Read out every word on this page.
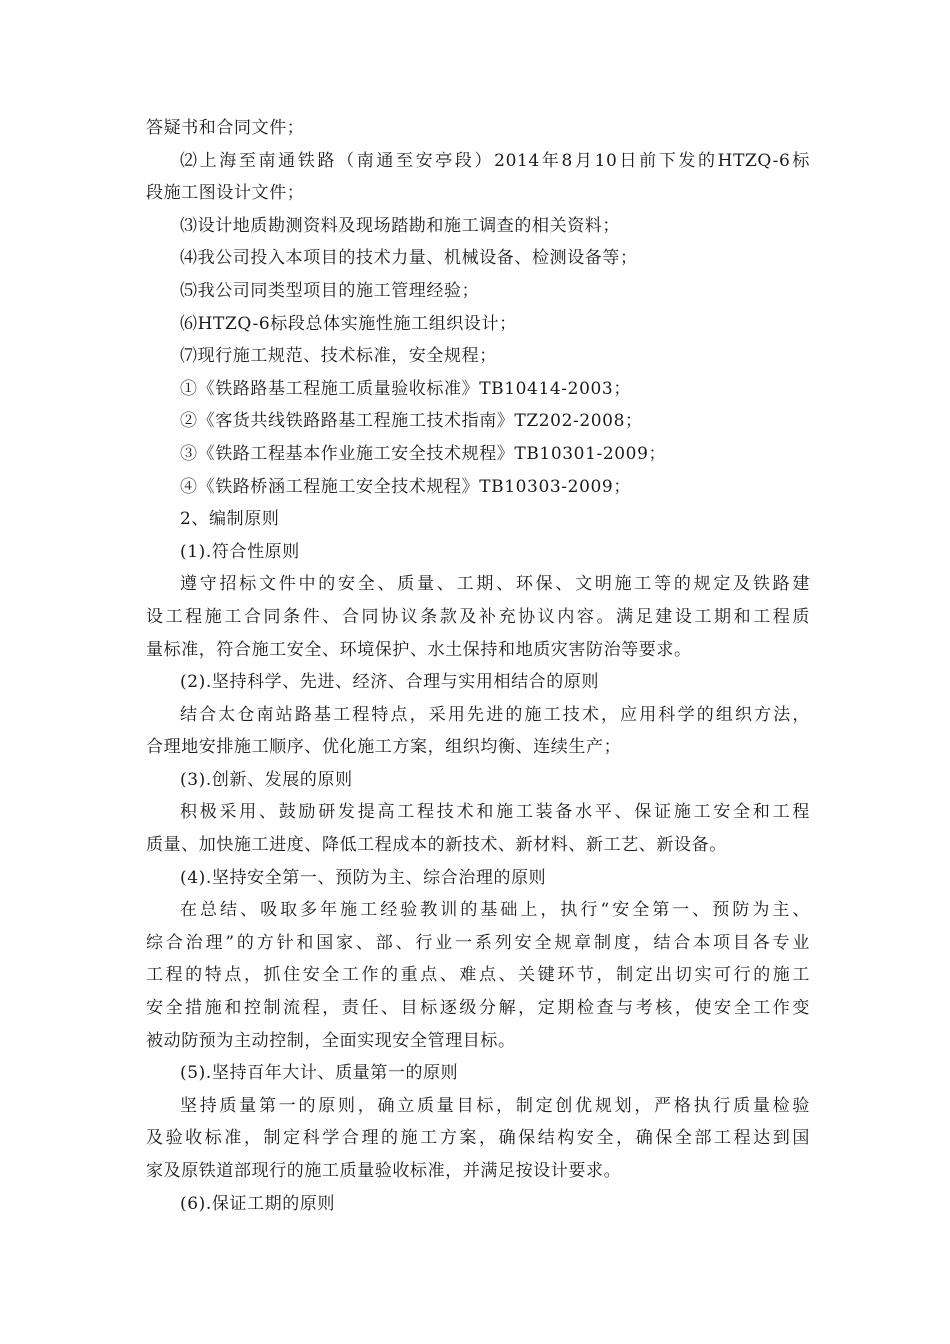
答疑书和合同文件；
⑵上海至南通铁路（南通至安亭段）2014年8月10日前下发的HTZQ-6标
段施工图设计文件；
⑶设计地质勘测资料及现场踏勘和施工调查的相关资料；
⑷我公司投入本项目的技术力量、机械设备、检测设备等；
⑸我公司同类型项目的施工管理经验；
⑹HTZQ-6标段总体实施性施工组织设计；
⑺现行施工规范、技术标准，安全规程；
①《铁路路基工程施工质量验收标准》TB10414-2003；
②《客货共线铁路路基工程施工技术指南》TZ202-2008；
③《铁路工程基本作业施工安全技术规程》TB10301-2009；
④《铁路桥涵工程施工安全技术规程》TB10303-2009；
2、编制原则
(1).符合性原则
遵守招标文件中的安全、质量、工期、环保、文明施工等的规定及铁路建
设工程施工合同条件、合同协议条款及补充协议内容。满足建设工期和工程质
量标准，符合施工安全、环境保护、水土保持和地质灾害防治等要求。
(2).坚持科学、先进、经济、合理与实用相结合的原则
结合太仓南站路基工程特点，采用先进的施工技术，应用科学的组织方法，
合理地安排施工顺序、优化施工方案，组织均衡、连续生产；
(3).创新、发展的原则
积极采用、鼓励研发提高工程技术和施工装备水平、保证施工安全和工程
质量、加快施工进度、降低工程成本的新技术、新材料、新工艺、新设备。
(4).坚持安全第一、预防为主、综合治理的原则
在总结、吸取多年施工经验教训的基础上，执行“安全第一、预防为主、
综合治理”的方针和国家、部、行业一系列安全规章制度，结合本项目各专业
工程的特点，抓住安全工作的重点、难点、关键环节，制定出切实可行的施工
安全措施和控制流程，责任、目标逐级分解，定期检查与考核，使安全工作变
被动防预为主动控制，全面实现安全管理目标。
(5).坚持百年大计、质量第一的原则
坚持质量第一的原则，确立质量目标，制定创优规划，严格执行质量检验
及验收标准，制定科学合理的施工方案，确保结构安全，确保全部工程达到国
家及原铁道部现行的施工质量验收标准，并满足按设计要求。
(6).保证工期的原则
